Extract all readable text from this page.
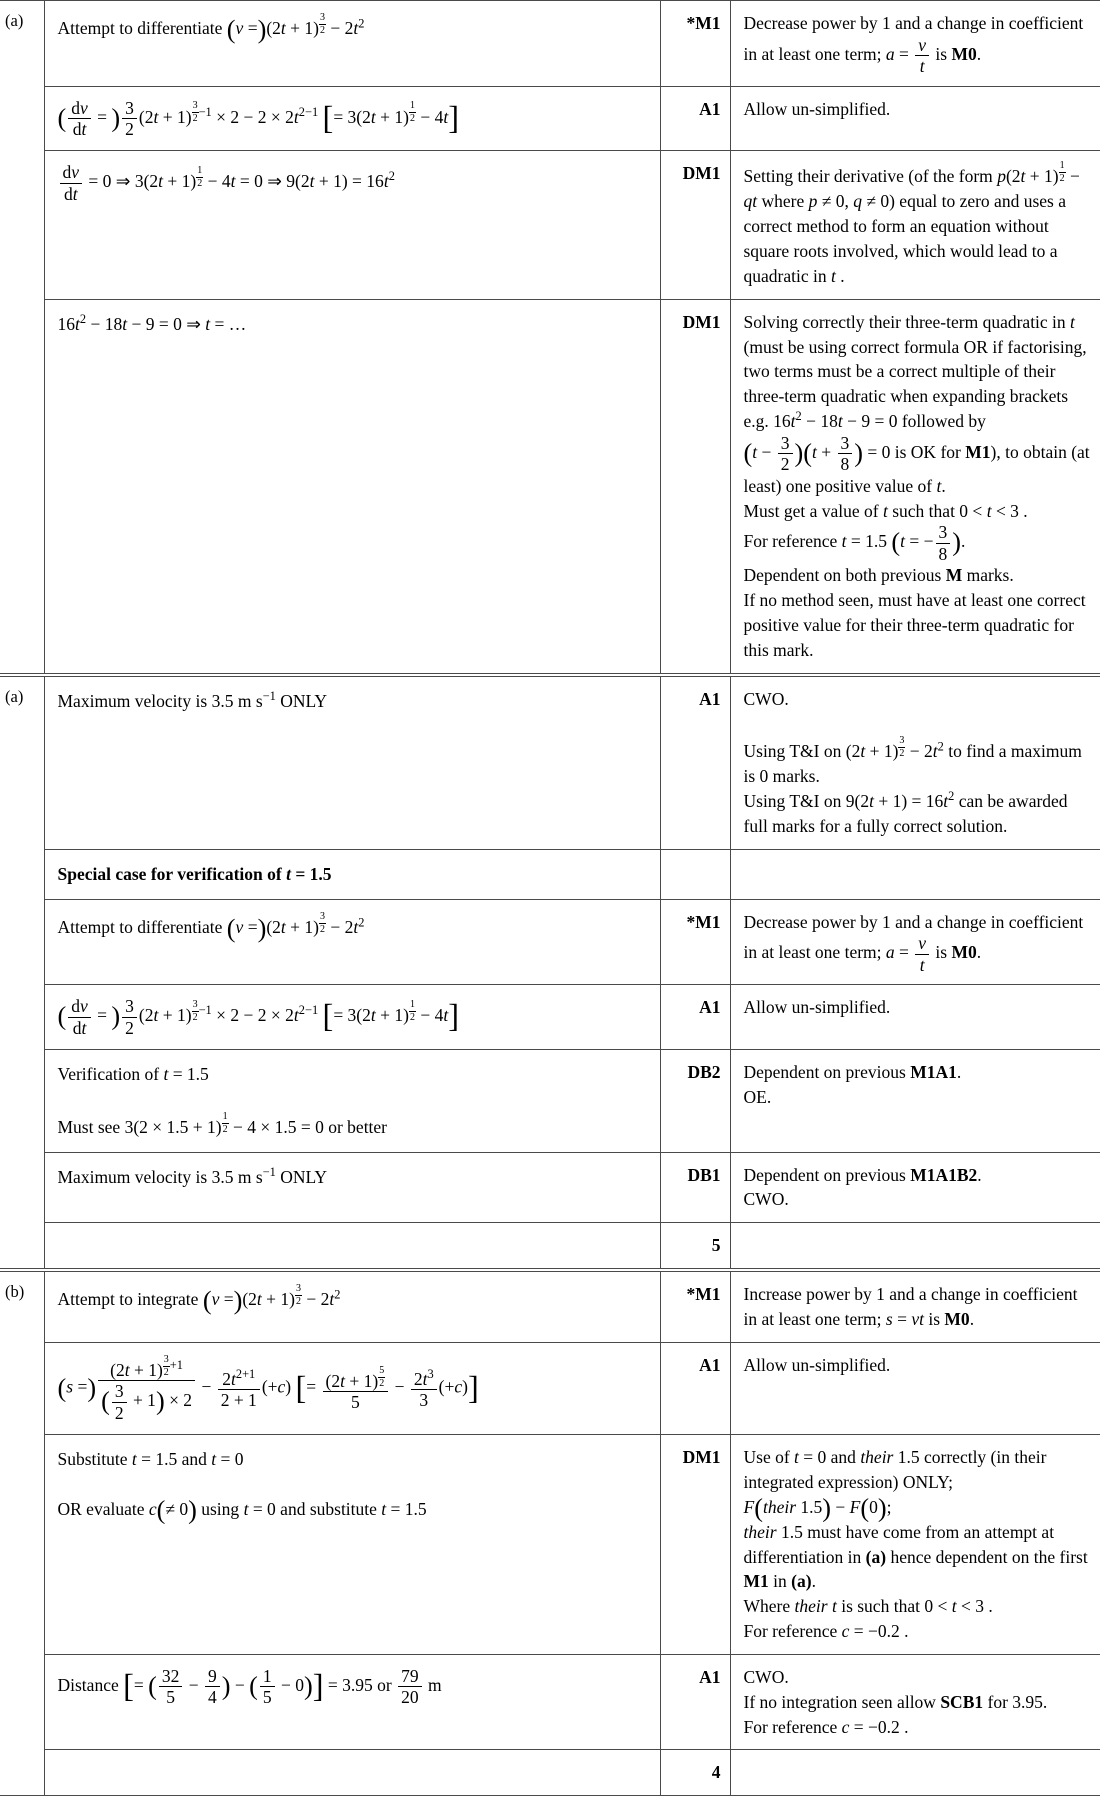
(a)	Attempt to differentiate (v =)(2t + 1) $^{\frac{3}{2}} - 2t^2$	*M1	Decrease power by 1 and a change in coefficient in at least one term; $a = \frac{v}{t}$ is M0.
( $\frac{dv}{dt}$ = ) $\frac{3}{2} (2t + 1) ^{\frac{3}{2} -1} \times 2 - 2 \times 2t^{2-1}$ [= 3(2t + 1) $^{\frac{1}{2}}$ − 4t]	A1	Allow un-simplified.

$\frac{dv}{dt} = 0$ ⇒ 3(2t + 1) $^{\frac{1}{2}}$ − 4t = 0 ⇒ $9(2t + 1) = 16t^2$	DM1	Setting their derivative (of the form p(2t + 1) $^{\frac{1}{2}}$ − qt where p ≠ 0, q ≠ 0) equal to zero and uses a correct method to form an equation without square roots involved, which would lead to a quadratic in t .
$16t^2 - 18t - 9 = 0$ ⇒ t = …	DM1	Solving correctly their three-term quadratic in t (must be using correct formula OR if factorising, two terms must be a correct multiple of their three-term quadratic when expanding brackets e.g. $16t^2 - 18t - 9 = 0$ followed by
$(t - \frac{3}{2} )(t + \frac{3}{8}$ ) = 0 is OK for M1), to obtain (at least) one positive value of t.
Must get a value of t such that 0 < t < 3 .
For reference t = 1.5 (t = − $\frac{3}{8}$ ).
Dependent on both previous M marks.
If no method seen, must have at least one correct positive value for their three-term quadratic for this mark.
(a)	Maximum velocity is 3.5 m $s^{-1}$ ONLY	A1	CWO.

Using T&I on (2t + 1) $^{\frac{3}{2}} - 2t^2$ to find a maximum is 0 marks.
Using T&I on $9(2t + 1) = 16t^2$ can be awarded full marks for a fully correct solution.
	Special case for verification of t = 1.5		
	Attempt to differentiate (v =)(2t + 1) $^{\frac{3}{2}} - 2t^2$	*M1	Decrease power by 1 and a change in coefficient in at least one term; $a = \frac{v}{t}$ is M0.
( $\frac{dv}{dt}$ = ) $\frac{3}{2} (2t + 1) ^{\frac{3}{2} -1} \times 2 - 2 \times 2t^{2-1}$ [= 3(2t + 1) $^{\frac{1}{2}}$ − 4t]	A1	Allow un-simplified.
	Verification of t = 1.5

Must see 3(2 × 1.5 + 1) $^{\frac{1}{2}}$ − 4 × 1.5 = 0 or better	DB2	Dependent on previous M1A1.
OE.
	Maximum velocity is 3.5 m $s^{-1}$ ONLY	DB1	Dependent on previous M1A1B2.
CWO.
		5	
(b)	Attempt to integrate (v =)(2t + 1) $^{\frac{3}{2}} - 2t^2$	*M1	Increase power by 1 and a change in coefficient in at least one term; s = vt is M0.
(s =) (2t + 1) $^{\frac{3}{2} +1}$
( $\frac{3}{2} + 1) \times 2 - \frac{2t^{2+1}}{2 + 1} (+c)$ [= (2t + 1) $^{\frac{5}{2}}$
$5 - \frac{2t^3}{3} (+c)$]	A1	Allow un-simplified.
	Substitute t = 1.5 and t = 0

OR evaluate c(≠ 0) using t = 0 and substitute t = 1.5	DM1	Use of t = 0 and their 1.5 correctly (in their integrated expression) ONLY;
F(their 1.5) − F(0);
their 1.5 must have come from an attempt at differentiation in (a) hence dependent on the first M1 in (a).
Where their t is such that 0 < t < 3 .
For reference c = −0.2 .
Distance [= ( $\frac{32}{5} - \frac{9}{4}$ ) − ( $\frac{1}{5} - 0)] = 3.95$ or $\frac{79}{20}$ m	A1	CWO.
If no integration seen allow SCB1 for 3.95.
For reference c = −0.2 .
		4	
